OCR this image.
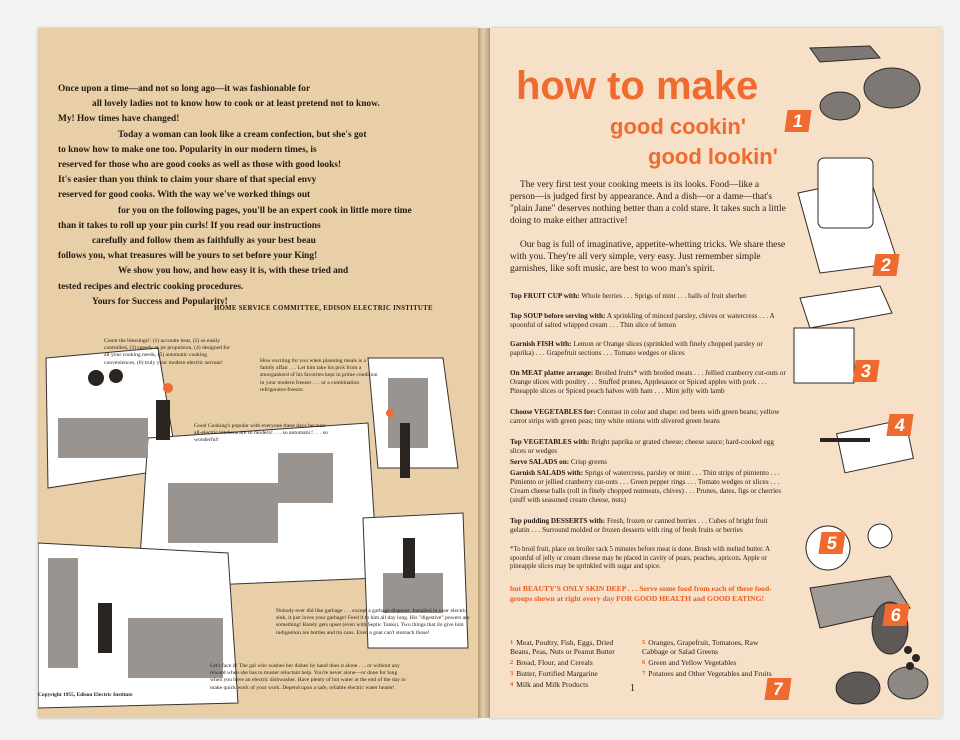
Once upon a time—and not so long ago—it was fashionable for
all lovely ladies not to know how to cook or at least pretend not to know.
My! How times have changed!
Today a woman can look like a cream confection, but she's got
to know how to make one too. Popularity in our modern times, is
reserved for those who are good cooks as well as those with good looks!
It's easier than you think to claim your share of that special envy
reserved for good cooks. With the way we've worked things out
for you on the following pages, you'll be an expert cook in little more time
than it takes to roll up your pin curls! If you read our instructions
carefully and follow them as faithfully as your best beau
follows you, what treasures will be yours to set before your King!
We show you how, and how easy it is, with these tried and
tested recipes and electric cooking procedures.
Yours for Success and Popularity!
HOME SERVICE COMMITTEE, EDISON ELECTRIC INSTITUTE

Count the blessings!: (1) accurate heat, (2) so easily controlled, (3) speedy as jet propulsion, (4) designed for all your cooking needs, (5) automatic cooking conveniences, (6) truly your modern electric servant!	How exciting for you when planning meals is a family affair . . . Let him take his pick from a smorgasbord of his favorites kept in prime condition in your modern freezer . . . or a combination refrigerator-freezer.

Good Cooking's popular with everyone these days because all-electric kitchens are so modern! . . . so automatic! . . . so wonderful!

Nobody ever did like garbage . . . except a garbage disposer. Installed in your electric sink, it just loves your garbage! Feed it to him all day long. His "digestive" powers are something! Rarely gets upset (even with Septic Tanks). Two things that do give him indigestion are bottles and tin cans. Even a goat can't stomach those!

Let's face it! The gal who washes her dishes by hand does it alone . . . or without any reward when she has to muster reluctant help. You're never alone—or done for long when you have an electric dishwasher. Have plenty of hot water at the end of the day to make quick work of your work. Depend upon a safe, reliable electric water heater!

Copyright 1955, Edison Electric Institute
how to make
good cookin'
good lookin'

The very first test your cooking meets is its looks. Food—like a person—is judged first by appearance. And a dish—or a dame—that's "plain Jane" deserves nothing better than a cold stare. It takes such a little doing to make either attractive!

Our bag is full of imaginative, appetite-whetting tricks. We share these with you. They're all very simple, very easy. Just remember simple garnishes, like soft music, are best to woo man's spirit.

Top FRUIT CUP with: Whole berries . . . Sprigs of mint . . . balls of fruit sherbet

Top SOUP before serving with: A sprinkling of minced parsley, chives or watercress . . . A spoonful of salted whipped cream . . . Thin slice of lemon

Garnish FISH with: Lemon or Orange slices (sprinkled with finely chopped parsley or paprika) . . . Grapefruit sections . . . Tomato wedges or slices

On MEAT platter arrange: Broiled fruits* with broiled meats . . . Jellied cranberry cut-outs or Orange slices with poultry . . . Stuffed prunes, Applesauce or Spiced apples with pork . . . Pineapple slices or Spiced peach halves with ham . . . Mint jelly with lamb

Choose VEGETABLES for: Contrast in color and shape: red beets with green beans; yellow carrot strips with green peas; tiny white onions with slivered green beans

Top VEGETABLES with: Bright paprika or grated cheese; cheese sauce; hard-cooked egg slices or wedges

Serve SALADS on: Crisp greens

Garnish SALADS with: Sprigs of watercress, parsley or mint . . . Thin strips of pimiento . . . Pimiento or jellied cranberry cut-outs . . . Green pepper rings . . . Tomato wedges or slices . . . Cream cheese balls (roll in finely chopped nutmeats, chives) . . . Prunes, dates, figs or cherries (stuff with seasoned cream cheese, nuts)

Top pudding DESSERTS with: Fresh, frozen or canned berries . . . Cubes of bright fruit gelatin . . . Surround molded or frozen desserts with ring of fresh fruits or berries

*To broil fruit, place on broiler rack 5 minutes before meat is done. Brush with melted butter. A spoonful of jelly or cream cheese may be placed in cavity of pears, peaches, apricots. Apple or pineapple slices may be sprinkled with sugar and spice.

but BEAUTY'S ONLY SKIN DEEP . . . Serve some food from each of these food-groups shown at right every day FOR GOOD HEALTH and GOOD EATING!

1 Meat, Poultry, Fish, Eggs, Dried Beans, Peas, Nuts or Peanut Butter
2 Bread, Flour, and Cereals
3 Butter, Fortified Margarine
4 Milk and Milk Products
5 Oranges, Grapefruit, Tomatoes, Raw Cabbage or Salad Greens
6 Green and Yellow Vegetables
7 Potatoes and Other Vegetables and Fruits
1
1
2
3
4
5
6
7
